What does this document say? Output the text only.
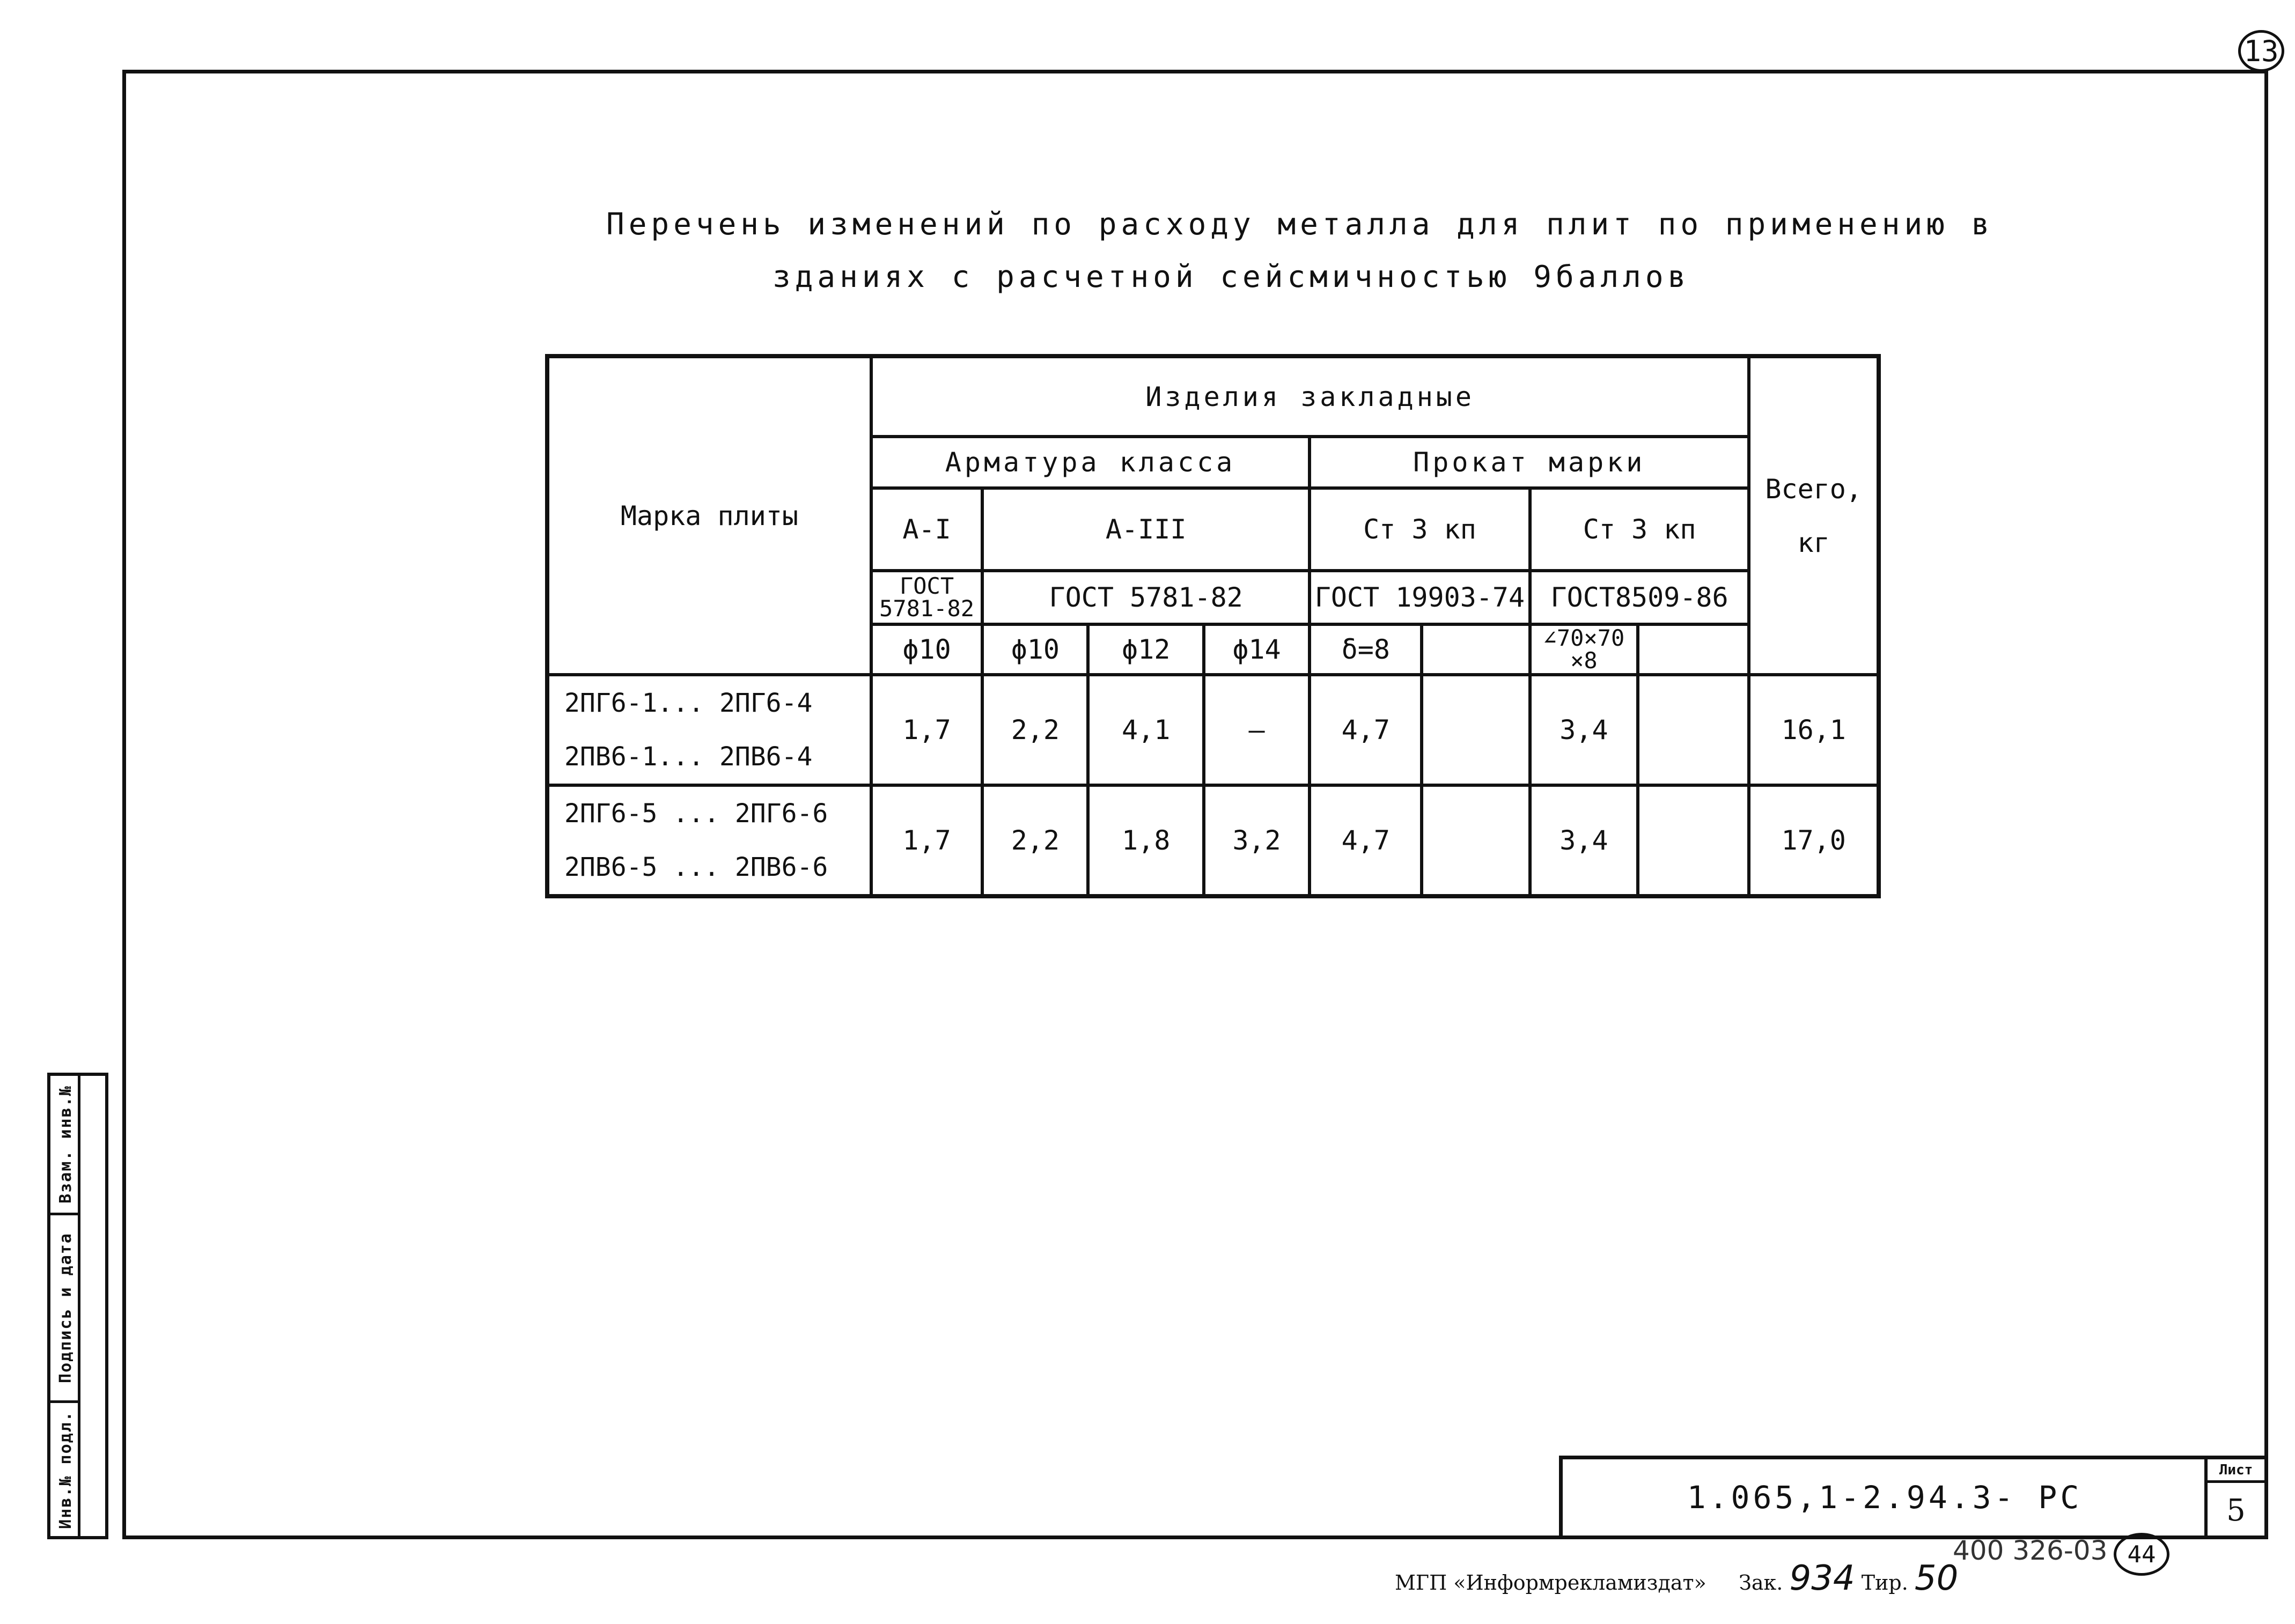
13
Перечень изменений по расходу металла для плит по применению в
зданиях с расчетной сейсмичностью 9баллов
Марка плиты	Изделия закладные								Всего, кг
	Арматура класса				Прокат марки				
	А-I	А-III			Ст 3 кп		Ст 3 кп		
	ГОСТ 5781-82	ГОСТ 5781-82			ГОСТ 19903-74		ГОСТ8509-86		
	ϕ10	ϕ10	ϕ12	ϕ14	δ=8		∠70×70 ×8		

2ПГ6-1... 2ПГ6-4
2ПВ6-1... 2ПВ6-4	1,7	2,2	4,1	—	4,7		3,4		16,1

2ПГ6-5 ... 2ПГ6-6
2ПВ6-5 ... 2ПВ6-6	1,7	2,2	1,8	3,2	4,7		3,4		17,0
Взам. инв.№
Подпись и дата
Инв.№ подл.	1.065,1-2.94.3- РС
Лист
5
МГП «Информрекламиздат» Зак. 934 Тир. 50
400 326-03 44
